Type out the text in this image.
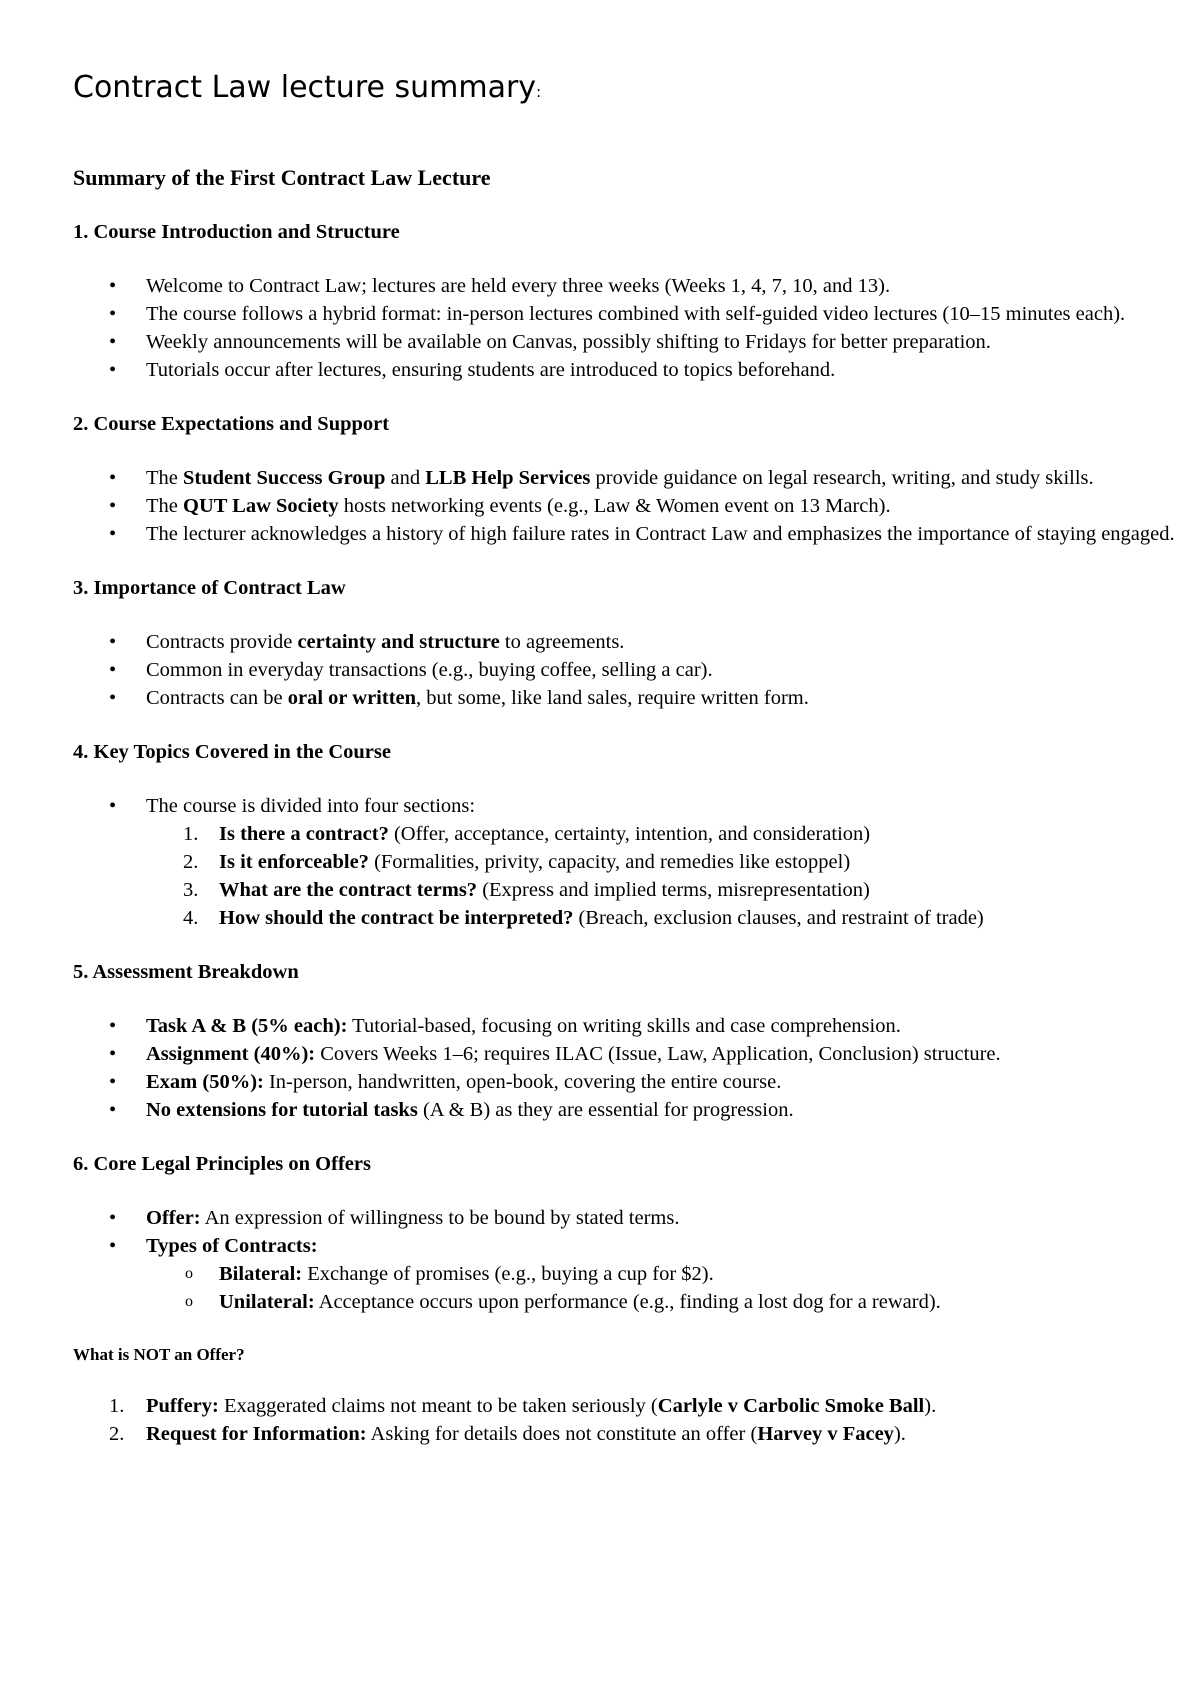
Contract Law lecture summary:
Summary of the First Contract Law Lecture
1. Course Introduction and Structure
• Welcome to Contract Law; lectures are held every three weeks (Weeks 1, 4, 7, 10, and 13).
• The course follows a hybrid format: in-person lectures combined with self-guided video lectures (10–15 minutes each).
• Weekly announcements will be available on Canvas, possibly shifting to Fridays for better preparation.
• Tutorials occur after lectures, ensuring students are introduced to topics beforehand.
2. Course Expectations and Support
• The Student Success Group and LLB Help Services provide guidance on legal research, writing, and study skills.
• The QUT Law Society hosts networking events (e.g., Law & Women event on 13 March).
• The lecturer acknowledges a history of high failure rates in Contract Law and emphasizes the importance of staying engaged.
3. Importance of Contract Law
• Contracts provide certainty and structure to agreements.
• Common in everyday transactions (e.g., buying coffee, selling a car).
• Contracts can be oral or written, but some, like land sales, require written form.
4. Key Topics Covered in the Course
• The course is divided into four sections:
1. Is there a contract? (Offer, acceptance, certainty, intention, and consideration)
2. Is it enforceable? (Formalities, privity, capacity, and remedies like estoppel)
3. What are the contract terms? (Express and implied terms, misrepresentation)
4. How should the contract be interpreted? (Breach, exclusion clauses, and restraint of trade)
5. Assessment Breakdown
• Task A & B (5% each): Tutorial-based, focusing on writing skills and case comprehension.
• Assignment (40%): Covers Weeks 1–6; requires ILAC (Issue, Law, Application, Conclusion) structure.
• Exam (50%): In-person, handwritten, open-book, covering the entire course.
• No extensions for tutorial tasks (A & B) as they are essential for progression.
6. Core Legal Principles on Offers
• Offer: An expression of willingness to be bound by stated terms.
• Types of Contracts:
o Bilateral: Exchange of promises (e.g., buying a cup for $2).
o Unilateral: Acceptance occurs upon performance (e.g., finding a lost dog for a reward).
What is NOT an Offer?
1. Puffery: Exaggerated claims not meant to be taken seriously (Carlyle v Carbolic Smoke Ball).
2. Request for Information: Asking for details does not constitute an offer (Harvey v Facey).
